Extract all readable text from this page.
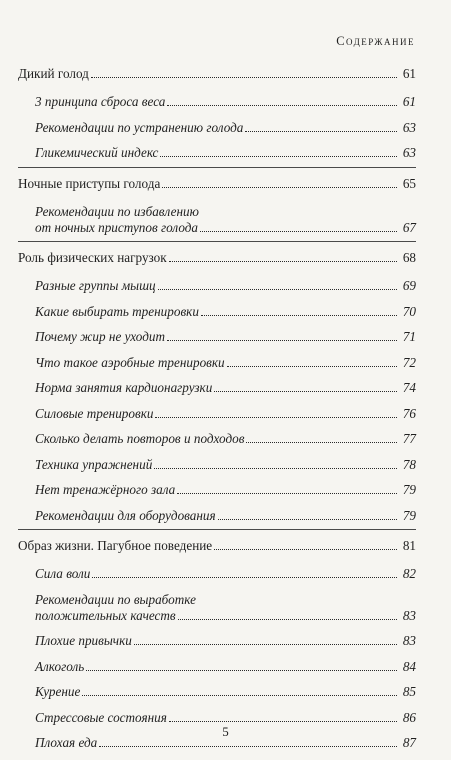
Содержание
Дикий голод	61
3 принципа сброса веса	61
Рекомендации по устранению голода	63
Гликемический индекс	63
Ночные приступы голода	65
Рекомендации по избавлению
от ночных приступов голода	67
Роль физических нагрузок	68
Разные группы мышц	69
Какие выбирать тренировки	70
Почему жир не уходит	71
Что такое аэробные тренировки	72
Норма занятия кардионагрузки	74
Силовые тренировки	76
Сколько делать повторов и подходов	77
Техника упражнений	78
Нет тренажёрного зала	79
Рекомендации для оборудования	79
Образ жизни. Пагубное поведение	81
Сила воли	82
Рекомендации по выработке
положительных качеств	83
Плохие привычки	83
Алкоголь	84
Курение	85
Стрессовые состояния	86
Плохая еда	87
5
